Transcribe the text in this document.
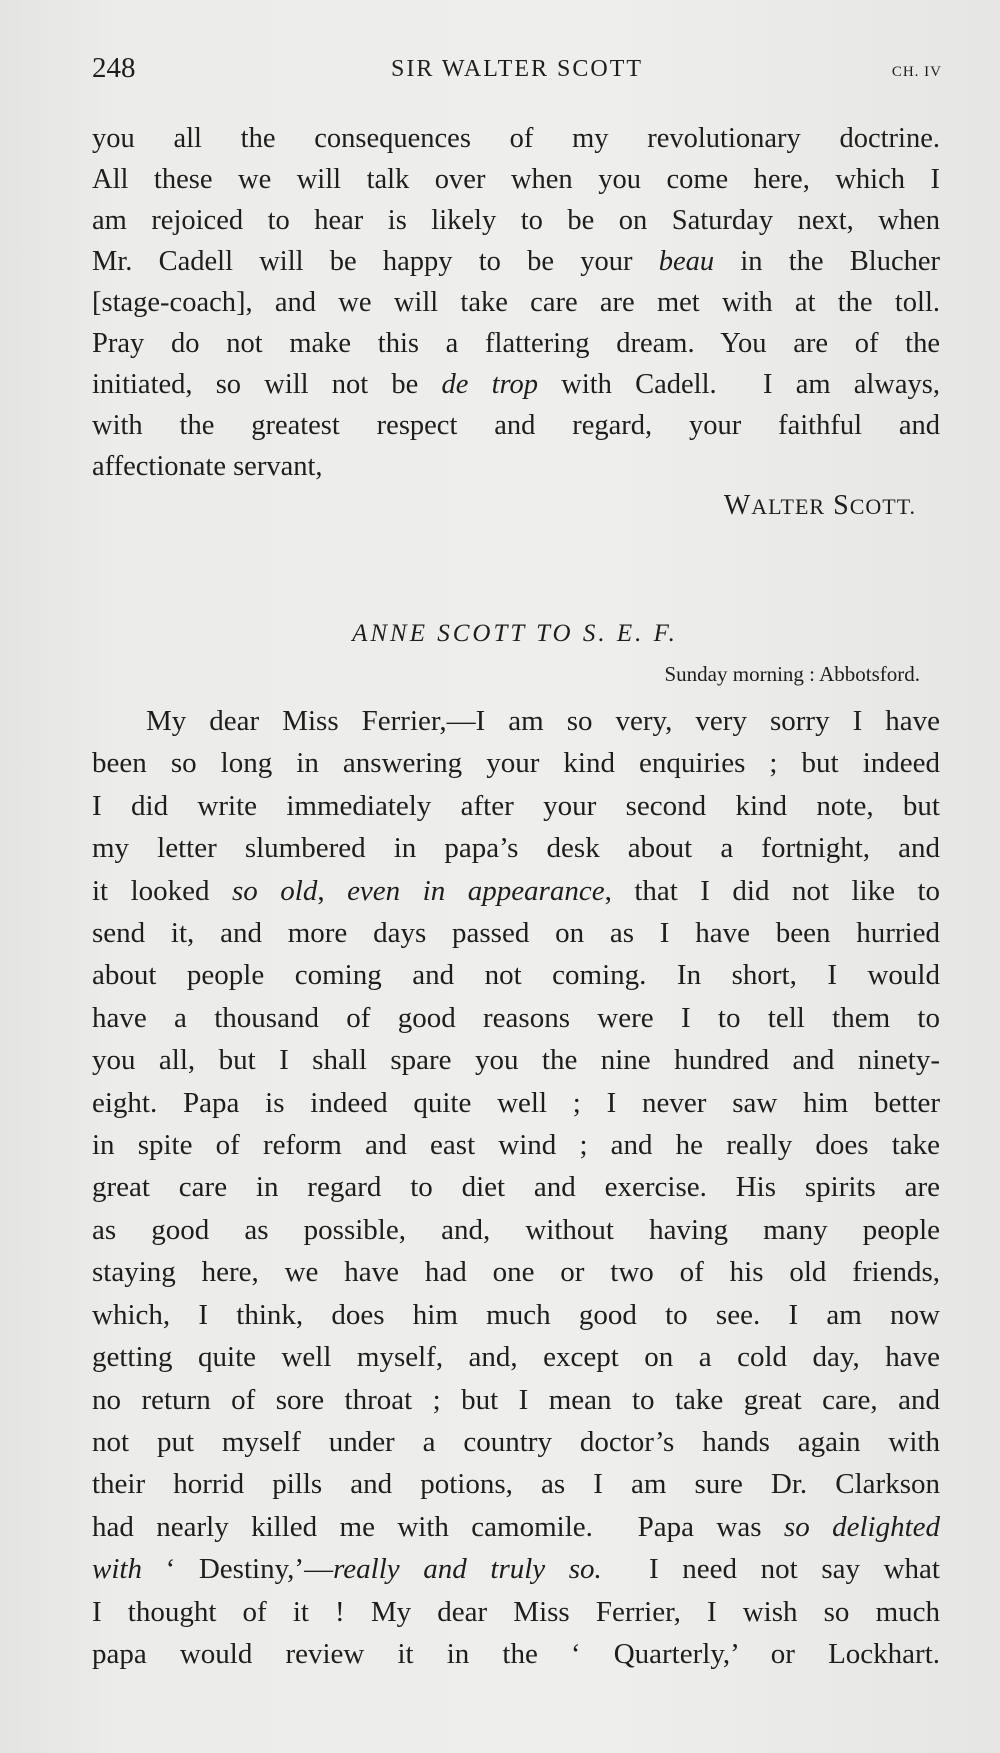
248	SIR WALTER SCOTT	CH. IV
you all the consequences of my revolutionary doctrine.
All these we will talk over when you come here, which I
am rejoiced to hear is likely to be on Saturday next, when
Mr. Cadell will be happy to be your beau in the Blucher
[stage-coach], and we will take care are met with at the toll.
Pray do not make this a flattering dream. You are of the
initiated, so will not be de trop with Cadell.  I am always,
with the greatest respect and regard, your faithful and
affectionate servant,
WALTER SCOTT.
ANNE SCOTT TO S. E. F.
Sunday morning : Abbotsford.
My dear Miss Ferrier,—I am so very, very sorry I have
been so long in answering your kind enquiries ; but indeed
I did write immediately after your second kind note, but
my letter slumbered in papa’s desk about a fortnight, and
it looked so old, even in appearance, that I did not like to
send it, and more days passed on as I have been hurried
about people coming and not coming. In short, I would
have a thousand of good reasons were I to tell them to
you all, but I shall spare you the nine hundred and ninety-
eight. Papa is indeed quite well ; I never saw him better
in spite of reform and east wind ; and he really does take
great care in regard to diet and exercise. His spirits are
as good as possible, and, without having many people
staying here, we have had one or two of his old friends,
which, I think, does him much good to see. I am now
getting quite well myself, and, except on a cold day, have
no return of sore throat ; but I mean to take great care, and
not put myself under a country doctor’s hands again with
their horrid pills and potions, as I am sure Dr. Clarkson
had nearly killed me with camomile.  Papa was so delighted
with ‘ Destiny,’—really and truly so.  I need not say what
I thought of it ! My dear Miss Ferrier, I wish so much
papa would review it in the ‘ Quarterly,’ or Lockhart.
